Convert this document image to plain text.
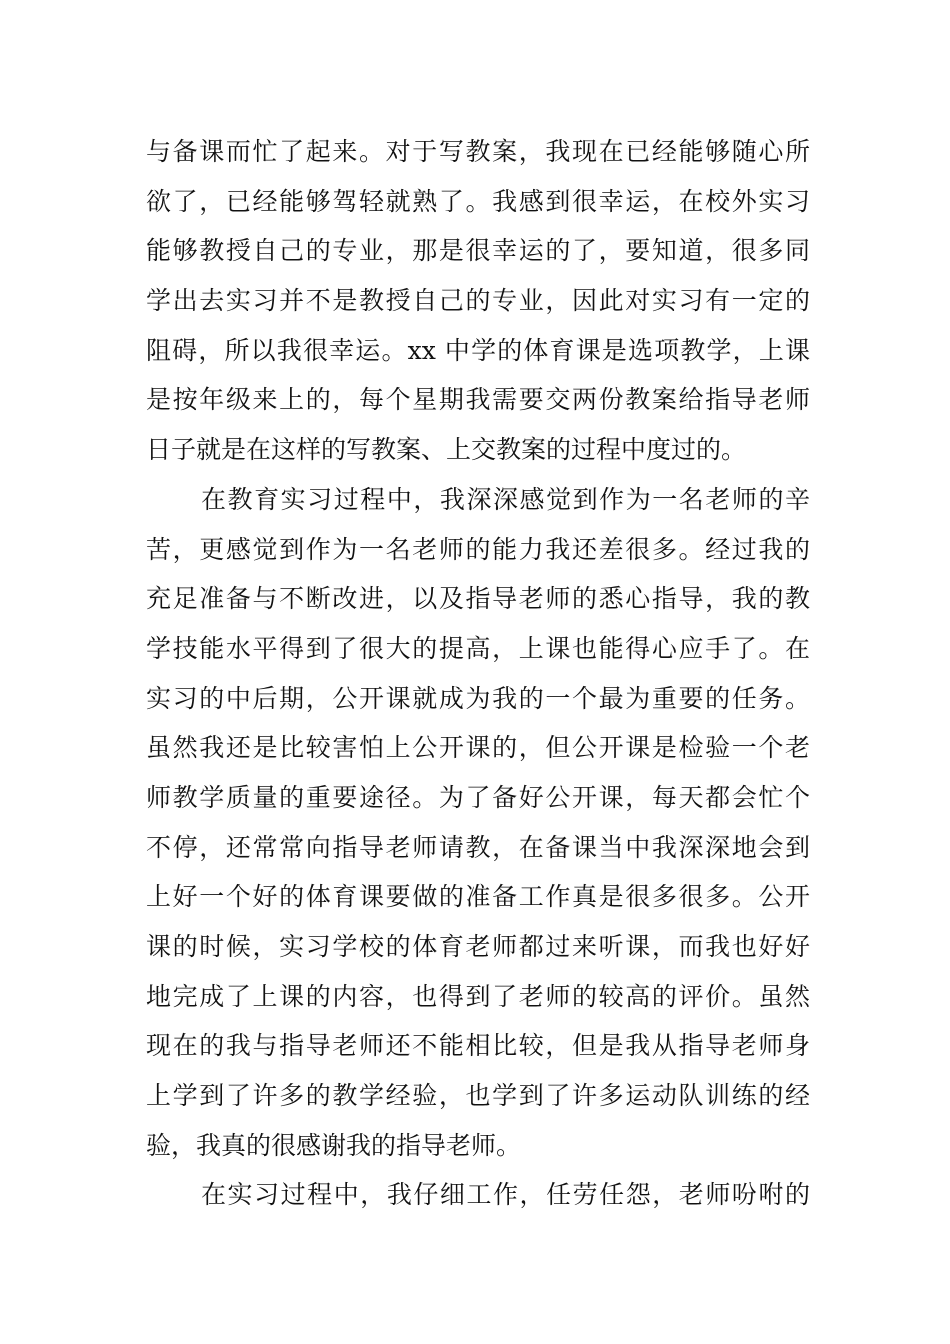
与备课而忙了起来。对于写教案，我现在已经能够随心所
欲了，已经能够驾轻就熟了。我感到很幸运，在校外实习
能够教授自己的专业，那是很幸运的了，要知道，很多同
学出去实习并不是教授自己的专业，因此对实习有一定的
阻碍，所以我很幸运。xx 中学的体育课是选项教学，上课
是按年级来上的，每个星期我需要交两份教案给指导老师
日子就是在这样的写教案、上交教案的过程中度过的。
在教育实习过程中，我深深感觉到作为一名老师的辛
苦，更感觉到作为一名老师的能力我还差很多。经过我的
充足准备与不断改进，以及指导老师的悉心指导，我的教
学技能水平得到了很大的提高，上课也能得心应手了。在
实习的中后期，公开课就成为我的一个最为重要的任务。
虽然我还是比较害怕上公开课的，但公开课是检验一个老
师教学质量的重要途径。为了备好公开课，每天都会忙个
不停，还常常向指导老师请教，在备课当中我深深地会到
上好一个好的体育课要做的准备工作真是很多很多。公开
课的时候，实习学校的体育老师都过来听课，而我也好好
地完成了上课的内容，也得到了老师的较高的评价。虽然
现在的我与指导老师还不能相比较，但是我从指导老师身
上学到了许多的教学经验，也学到了许多运动队训练的经
验，我真的很感谢我的指导老师。
在实习过程中，我仔细工作，任劳任怨，老师吩咐的
